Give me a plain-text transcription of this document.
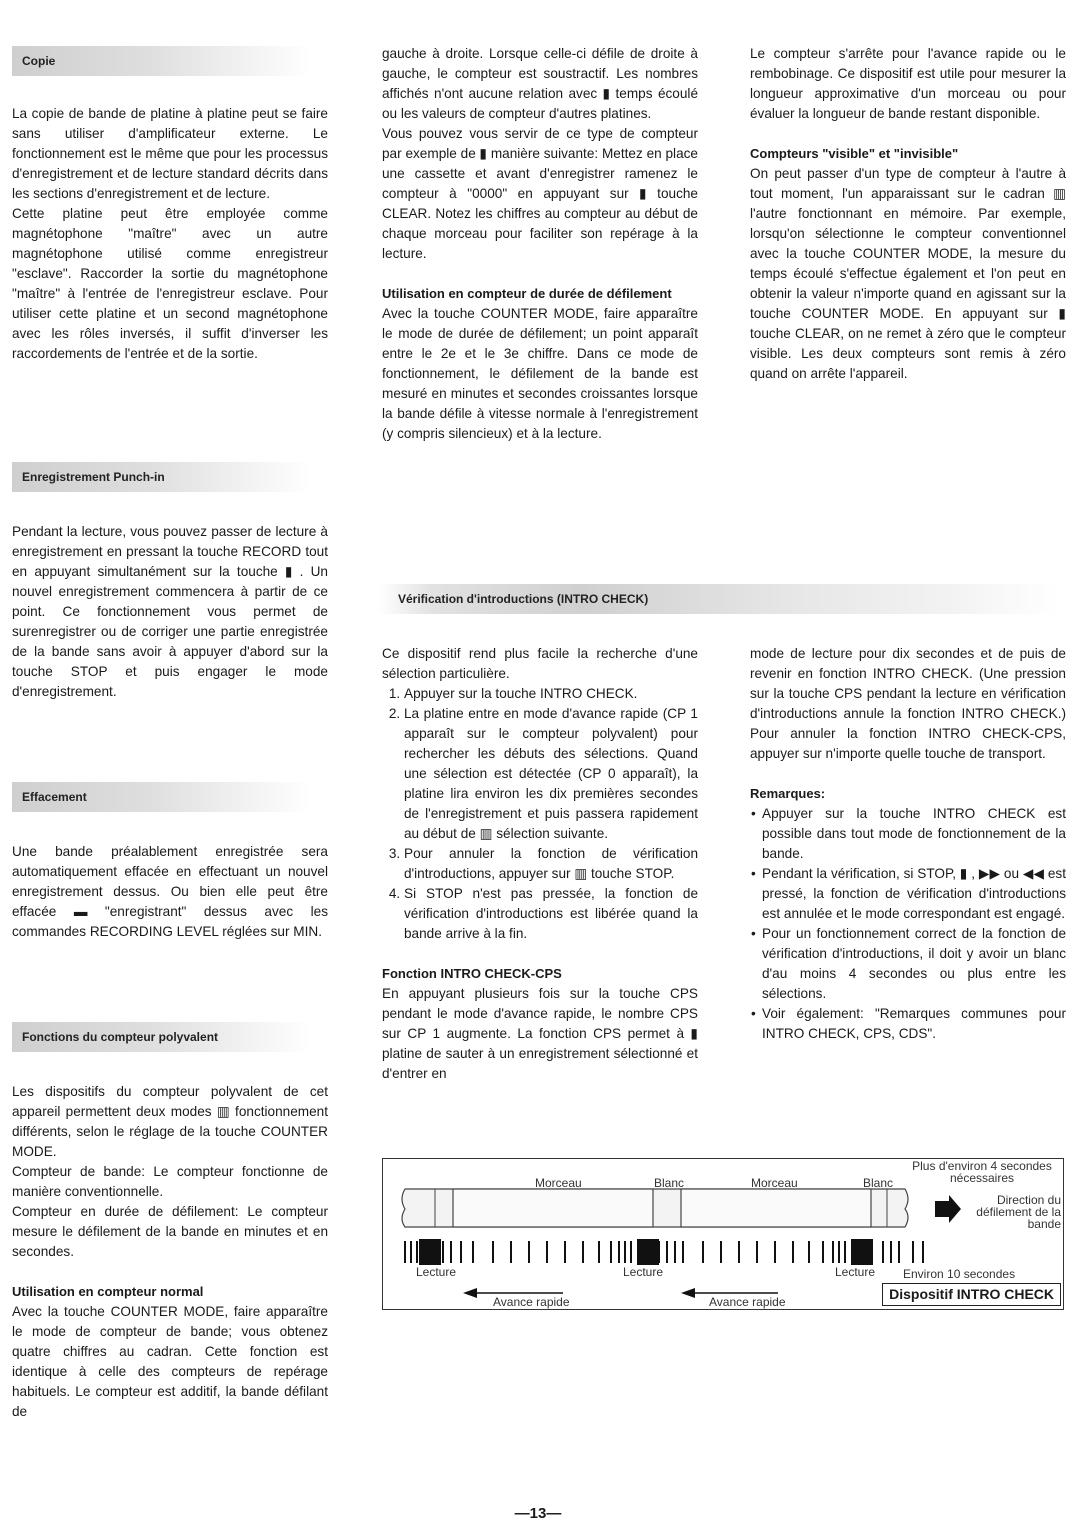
Copie

La copie de bande de platine à platine peut se faire sans utiliser d'amplificateur externe. Le fonctionnement est le même que pour les processus d'enregistrement et de lecture standard décrits dans les sections d'enregistrement et de lecture.
Cette platine peut être employée comme magnétophone "maître" avec un autre magnétophone utilisé comme enregistreur "esclave". Raccorder la sortie du magnétophone "maître" à l'entrée de l'enregistreur esclave. Pour utiliser cette platine et un second magnétophone avec les rôles inversés, il suffit d'inverser les raccordements de l'entrée et de la sortie.

Enregistrement Punch-in

Pendant la lecture, vous pouvez passer de lecture à enregistrement en pressant la touche RECORD tout en appuyant simultanément sur la touche ▮ . Un nouvel enregistrement commencera à partir de ce point. Ce fonctionnement vous permet de surenregistrer ou de corriger une partie enregistrée de la bande sans avoir à appuyer d'abord sur la touche STOP et puis engager le mode d'enregistrement.

Effacement

Une bande préalablement enregistrée sera automatiquement effacée en effectuant un nouvel enregistrement dessus. Ou bien elle peut être effacée ▬ "enregistrant" dessus avec les commandes RECORDING LEVEL réglées sur MIN.

Fonctions du compteur polyvalent

Les dispositifs du compteur polyvalent de cet appareil permettent deux modes ▥ fonctionnement différents, selon le réglage de la touche COUNTER MODE.
Compteur de bande: Le compteur fonctionne de manière conventionnelle.
Compteur en durée de défilement: Le compteur mesure le défilement de la bande en minutes et en secondes.

Utilisation en compteur normal

Avec la touche COUNTER MODE, faire apparaître le mode de compteur de bande; vous obtenez quatre chiffres au cadran. Cette fonction est identique à celle des compteurs de repérage habituels. Le compteur est additif, la bande défilant de

gauche à droite. Lorsque celle-ci défile de droite à gauche, le compteur est soustractif. Les nombres affichés n'ont aucune relation avec ▮ temps écoulé ou les valeurs de compteur d'autres platines.
Vous pouvez vous servir de ce type de compteur par exemple de ▮ manière suivante: Mettez en place une cassette et avant d'enregistrer ramenez le compteur à "0000" en appuyant sur ▮ touche CLEAR. Notez les chiffres au compteur au début de chaque morceau pour faciliter son repérage à la lecture.

Utilisation en compteur de durée de défilement

Avec la touche COUNTER MODE, faire apparaître le mode de durée de défilement; un point apparaît entre le 2e et le 3e chiffre. Dans ce mode de fonctionnement, le défilement de la bande est mesuré en minutes et secondes croissantes lorsque la bande défile à vitesse normale à l'enregistrement (y compris silencieux) et à la lecture.

Vérification d'introductions (INTRO CHECK)

Ce dispositif rend plus facile la recherche d'une sélection particulière.

1. Appuyer sur la touche INTRO CHECK.
2. La platine entre en mode d'avance rapide (CP 1 apparaît sur le compteur polyvalent) pour rechercher les débuts des sélections. Quand une sélection est détectée (CP 0 apparaît), la platine lira environ les dix premières secondes de l'enregistrement et puis passera rapidement au début de ▥ sélection suivante.
3. Pour annuler la fonction de vérification d'introductions, appuyer sur ▥ touche STOP.
4. Si STOP n'est pas pressée, la fonction de vérification d'introductions est libérée quand la bande arrive à la fin.
Fonction INTRO CHECK-CPS

En appuyant plusieurs fois sur la touche CPS pendant le mode d'avance rapide, le nombre CPS sur CP 1 augmente. La fonction CPS permet à ▮ platine de sauter à un enregistrement sélectionné et d'entrer en

Le compteur s'arrête pour l'avance rapide ou le rembobinage. Ce dispositif est utile pour mesurer la longueur approximative d'un morceau ou pour évaluer la longueur de bande restant disponible.

Compteurs "visible" et "invisible"

On peut passer d'un type de compteur à l'autre à tout moment, l'un apparaissant sur le cadran ▥ l'autre fonctionnant en mémoire. Par exemple, lorsqu'on sélectionne le compteur conventionnel avec la touche COUNTER MODE, la mesure du temps écoulé s'effectue également et l'on peut en obtenir la valeur n'importe quand en agissant sur la touche COUNTER MODE. En appuyant sur ▮ touche CLEAR, on ne remet à zéro que le compteur visible. Les deux compteurs sont remis à zéro quand on arrête l'appareil.

mode de lecture pour dix secondes et de puis de revenir en fonction INTRO CHECK. (Une pression sur la touche CPS pendant la lecture en vérification d'introductions annule la fonction INTRO CHECK.) Pour annuler la fonction INTRO CHECK-CPS, appuyer sur n'importe quelle touche de transport.

Remarques:
• Appuyer sur la touche INTRO CHECK est possible dans tout mode de fonctionnement de la bande.
• Pendant la vérification, si STOP, ▮ , ▶▶ ou ◀◀ est pressé, la fonction de vérification d'introductions est annulée et le mode correspondant est engagé.
• Pour un fonctionnement correct de la fonction de vérification d'introductions, il doit y avoir un blanc d'au moins 4 secondes ou plus entre les sélections.
• Voir également: "Remarques communes pour INTRO CHECK, CPS, CDS".
Morceau	Blanc	Morceau	Blanc
Plus d'environ 4 secondes nécessaires
Direction du défilement de la bande
Lecture	Lecture	Lecture Environ 10 secondes
Avance rapide	Avance rapide	Dispositif INTRO CHECK
—13—
